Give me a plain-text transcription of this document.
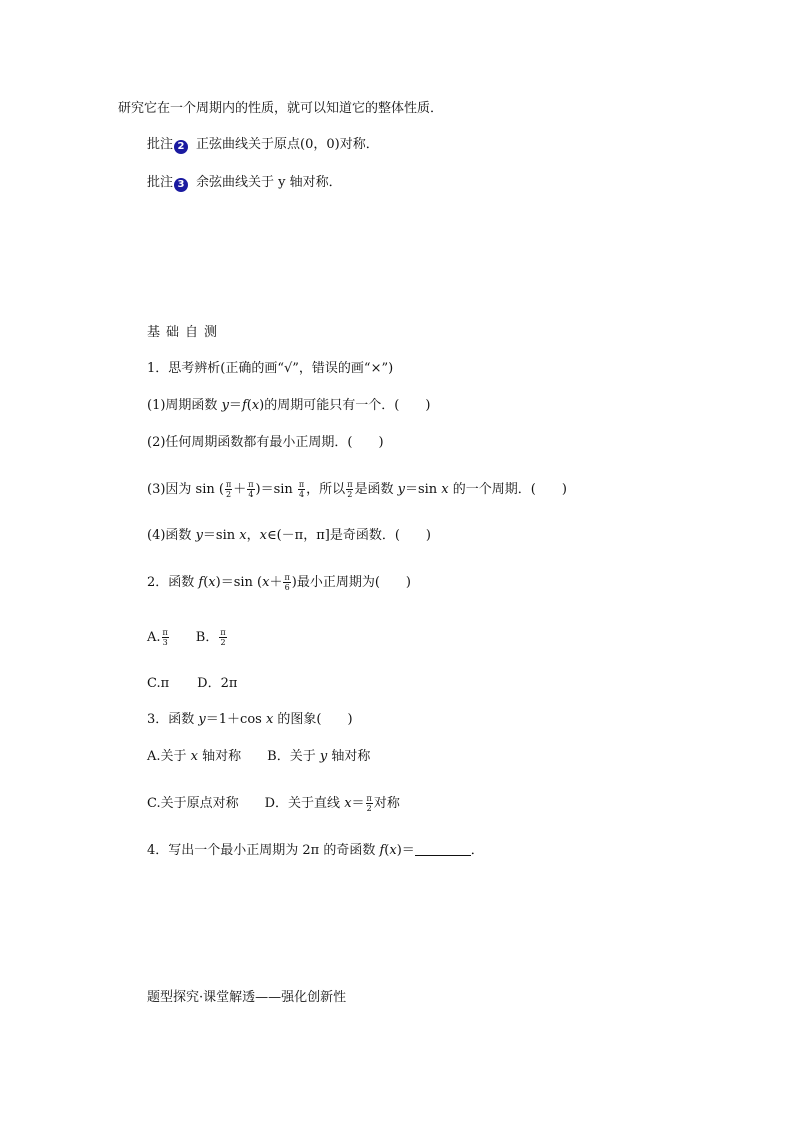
研究它在一个周期内的性质，就可以知道它的整体性质．
批注 2 正弦曲线关于原点(0，0)对称．
批注 3 余弦曲线关于 y 轴对称．
基础自测
1．思考辨析(正确的画“√”，错误的画“×”)
(1)周期函数 y＝f(x)的周期可能只有一个．(　　)
(2)任何周期函数都有最小正周期．(　　)
(3)因为 sin ( $\frac{\pi}{2} + \frac{\pi}{4} )=\sin \frac{\pi}{4}$ ，所以 $\frac{\pi}{2}$ 是函数 y＝sin x 的一个周期．(　　)
(4)函数 y＝sin x，x∈(－π，π]是奇函数．(　　)
2．函数 f(x)＝sin ($x+ \frac{\pi}{6}$ )最小正周期为(　　)
A. $\frac{\pi}{3}$ B． $\frac{\pi}{2}$
C.π D．2π
3．函数 y＝1＋cos x 的图象(　　)
A.关于 x 轴对称 B．关于 y 轴对称
C.关于原点对称 D．关于直线 $x= \frac{\pi}{2}$ 对称
4．写出一个最小正周期为 2π 的奇函数 f(x)＝	．
题型探究·课堂解透——强化创新性
